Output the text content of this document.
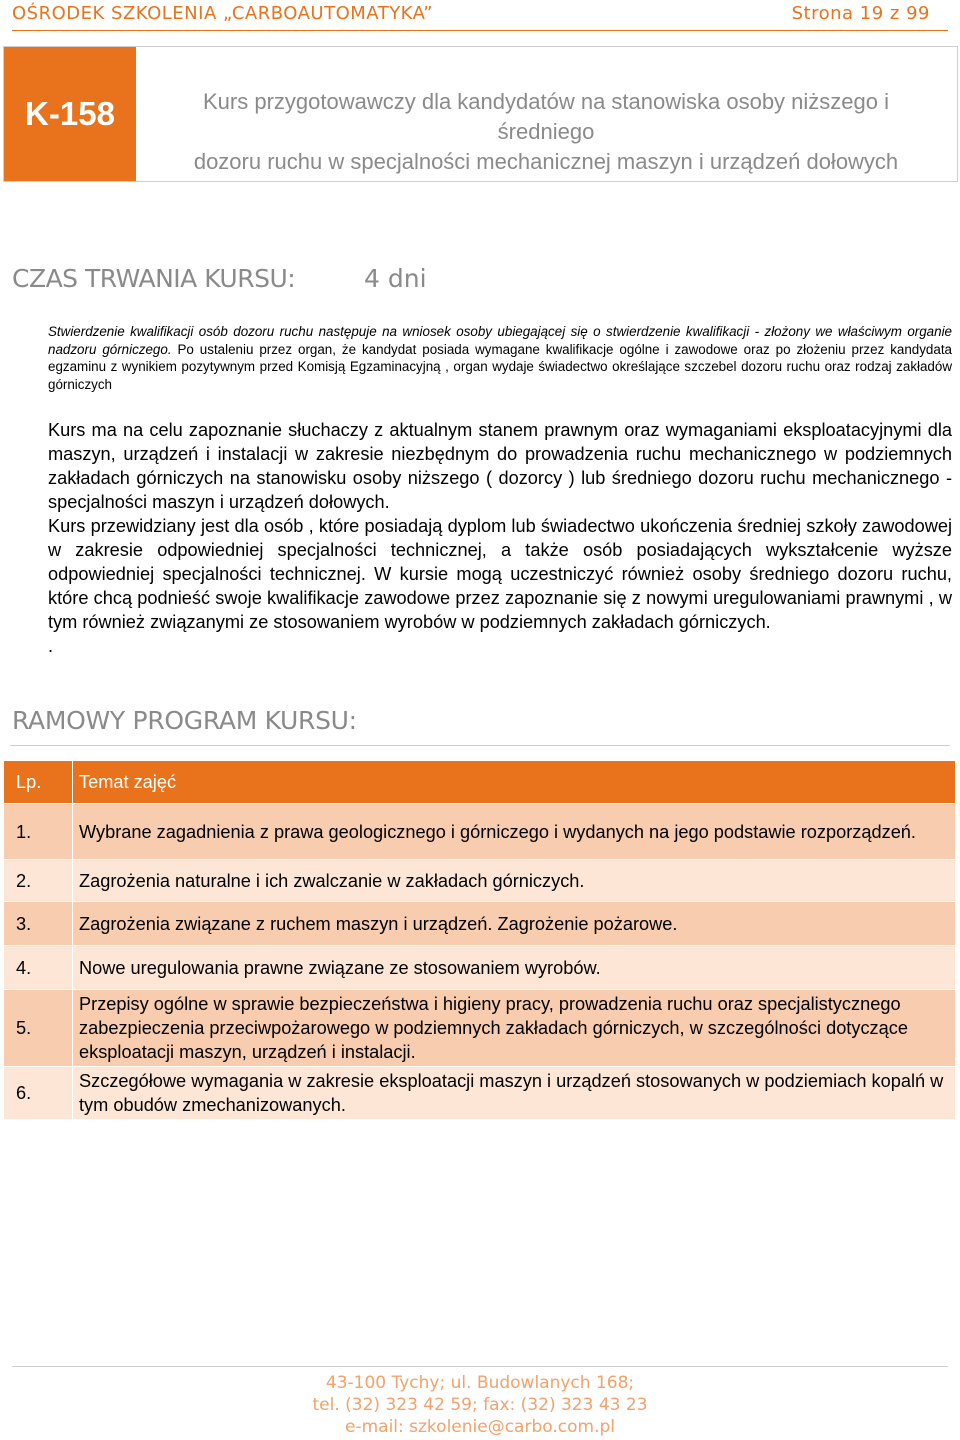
OŚRODEK SZKOLENIA „CARBOAUTOMATYKA”	Strona 19 z 99
K-158	Kurs przygotowawczy dla kandydatów na stanowiska osoby niższego i średniego
dozoru ruchu w specjalności mechanicznej maszyn i urządzeń dołowych
CZAS TRWANIA KURSU:	4 dni
Stwierdzenie kwalifikacji osób dozoru ruchu następuje na wniosek osoby ubiegającej się o stwierdzenie kwalifikacji - złożony we właściwym organie nadzoru górniczego. Po ustaleniu przez organ, że kandydat posiada wymagane kwalifikacje ogólne i zawodowe oraz po złożeniu przez kandydata egzaminu z wynikiem pozytywnym przed Komisją Egzaminacyjną , organ wydaje świadectwo określające szczebel dozoru ruchu oraz rodzaj zakładów górniczych

Kurs ma na celu zapoznanie słuchaczy z aktualnym stanem prawnym oraz wymaganiami eksploatacyjnymi dla maszyn, urządzeń i instalacji w zakresie niezbędnym do prowadzenia ruchu mechanicznego w podziemnych zakładach górniczych na stanowisku osoby niższego ( dozorcy ) lub średniego dozoru ruchu mechanicznego - specjalności maszyn i urządzeń dołowych.

Kurs przewidziany jest dla osób , które posiadają dyplom lub świadectwo ukończenia średniej szkoły zawodowej w zakresie odpowiedniej specjalności technicznej, a także osób posiadających wykształcenie wyższe odpowiedniej specjalności technicznej. W kursie mogą uczestniczyć również osoby średniego dozoru ruchu, które chcą podnieść swoje kwalifikacje zawodowe przez zapoznanie się z nowymi uregulowaniami prawnymi , w tym również związanymi ze stosowaniem wyrobów w podziemnych zakładach górniczych.

.

RAMOWY PROGRAM KURSU:
Lp.	Temat zajęć
1.	Wybrane zagadnienia z prawa geologicznego i górniczego i wydanych na jego podstawie rozporządzeń.
2.	Zagrożenia naturalne i ich zwalczanie w zakładach górniczych.
3.	Zagrożenia związane z ruchem maszyn i urządzeń. Zagrożenie pożarowe.
4.	Nowe uregulowania prawne związane ze stosowaniem wyrobów.
5.	Przepisy ogólne w sprawie bezpieczeństwa i higieny pracy, prowadzenia ruchu oraz specjalistycznego zabezpieczenia przeciwpożarowego w podziemnych zakładach górniczych, w szczególności dotyczące eksploatacji maszyn, urządzeń i instalacji.
6.	Szczegółowe wymagania w zakresie eksploatacji maszyn i urządzeń stosowanych w podziemiach kopalń w tym obudów zmechanizowanych.
43-100 Tychy; ul. Budowlanych 168;
tel. (32) 323 42 59; fax: (32) 323 43 23
e-mail: szkolenie@carbo.com.pl
